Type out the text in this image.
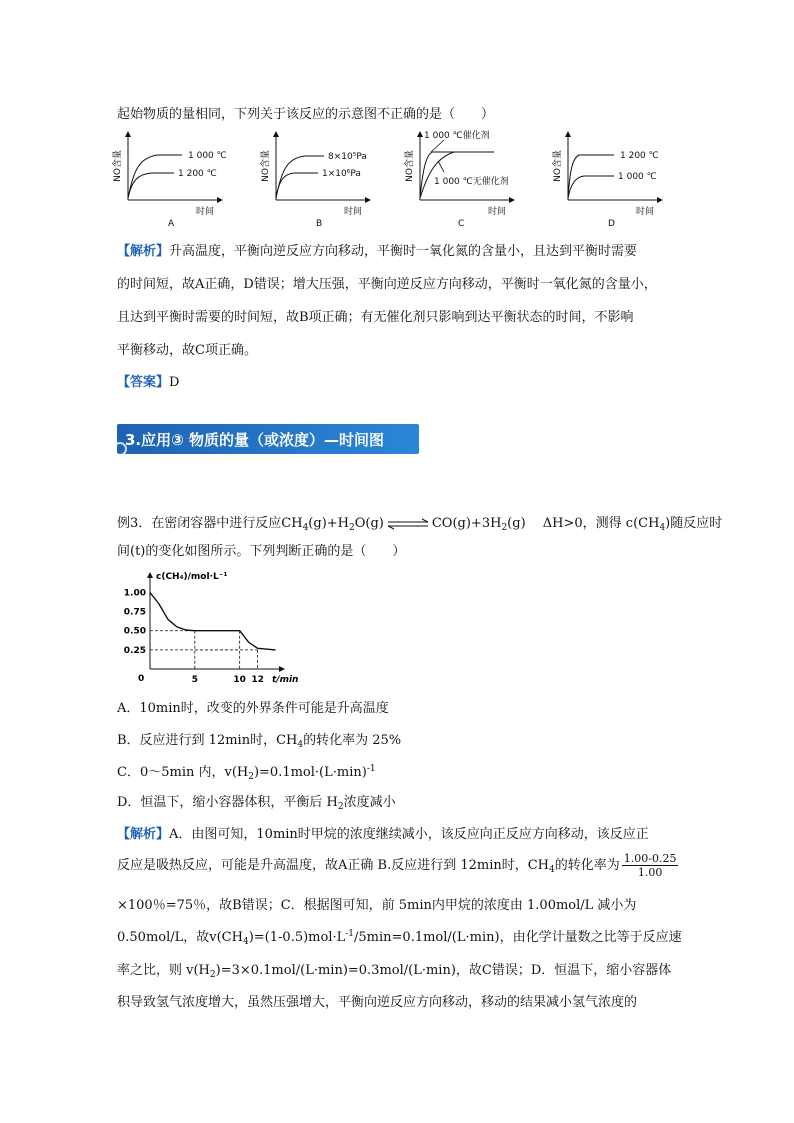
起始物质的量相同，下列关于该反应的示意图不正确的是（　　）
NO含量	1 000 ℃
1 200 ℃
时间
A
NO含量	8×10⁵Pa
1×10⁶Pa
时间
B
NO含量
1 000 ℃催化剂
1 000 ℃无催化剂
时间
C
NO含量	1 200 ℃
1 000 ℃
时间
D
【解析】升高温度，平衡向逆反应方向移动，平衡时一氧化氮的含量小，且达到平衡时需要
的时间短，故A正确，D错误；增大压强，平衡向逆反应方向移动，平衡时一氧化氮的含量小，
且达到平衡时需要的时间短，故B项正确；有无催化剂只影响到达平衡状态的时间，不影响
平衡移动，故C项正确。
【答案】D
3.应用③ 物质的量（或浓度）—时间图
例3．在密闭容器中进行反应$CH_4(g)+H_2O(g)$ ⇌ $CO(g)+3H_2(g)$　 ΔH>0，测得 $c(CH_4)$随反应时
间(t)的变化如图所示。下列判断正确的是（　　）
c(CH₄)/mol·L⁻¹
t/min
0
1.00
0.75
0.50
0.25
5	10 12
A．10min时，改变的外界条件可能是升高温度
B．反应进行到 12min时，$CH_4$的转化率为 25%
C．0～5min 内，$v(H_2)=0.1mol\cdot(L\cdot\min)^{-1}$
D．恒温下，缩小容器体积，平衡后 $H_2$浓度减小
【解析】A．由图可知，10min时甲烷的浓度继续减小，该反应向正反应方向移动，该反应正
反应是吸热反应，可能是升高温度，故A正确 B.反应进行到 12min时，$CH_4$的转化率为 $\frac{1.00-0.25}{1.00}$
×100％=75％，故B错误；C．根据图可知，前 5min内甲烷的浓度由 1.00mol/L 减小为
0.50mol/L，故$v(CH_4)=(1-0.5)mol\cdot L^{-1}/5\min=0.1mol/(L\cdot\min)$，由化学计量数之比等于反应速
率之比，则 $v(H_2)=3\times 0.1mol/(L\cdot\min)=0.3mol/(L\cdot\min)$，故C错误；D．恒温下，缩小容器体
积导致氢气浓度增大，虽然压强增大，平衡向逆反应方向移动，移动的结果减小氢气浓度的
